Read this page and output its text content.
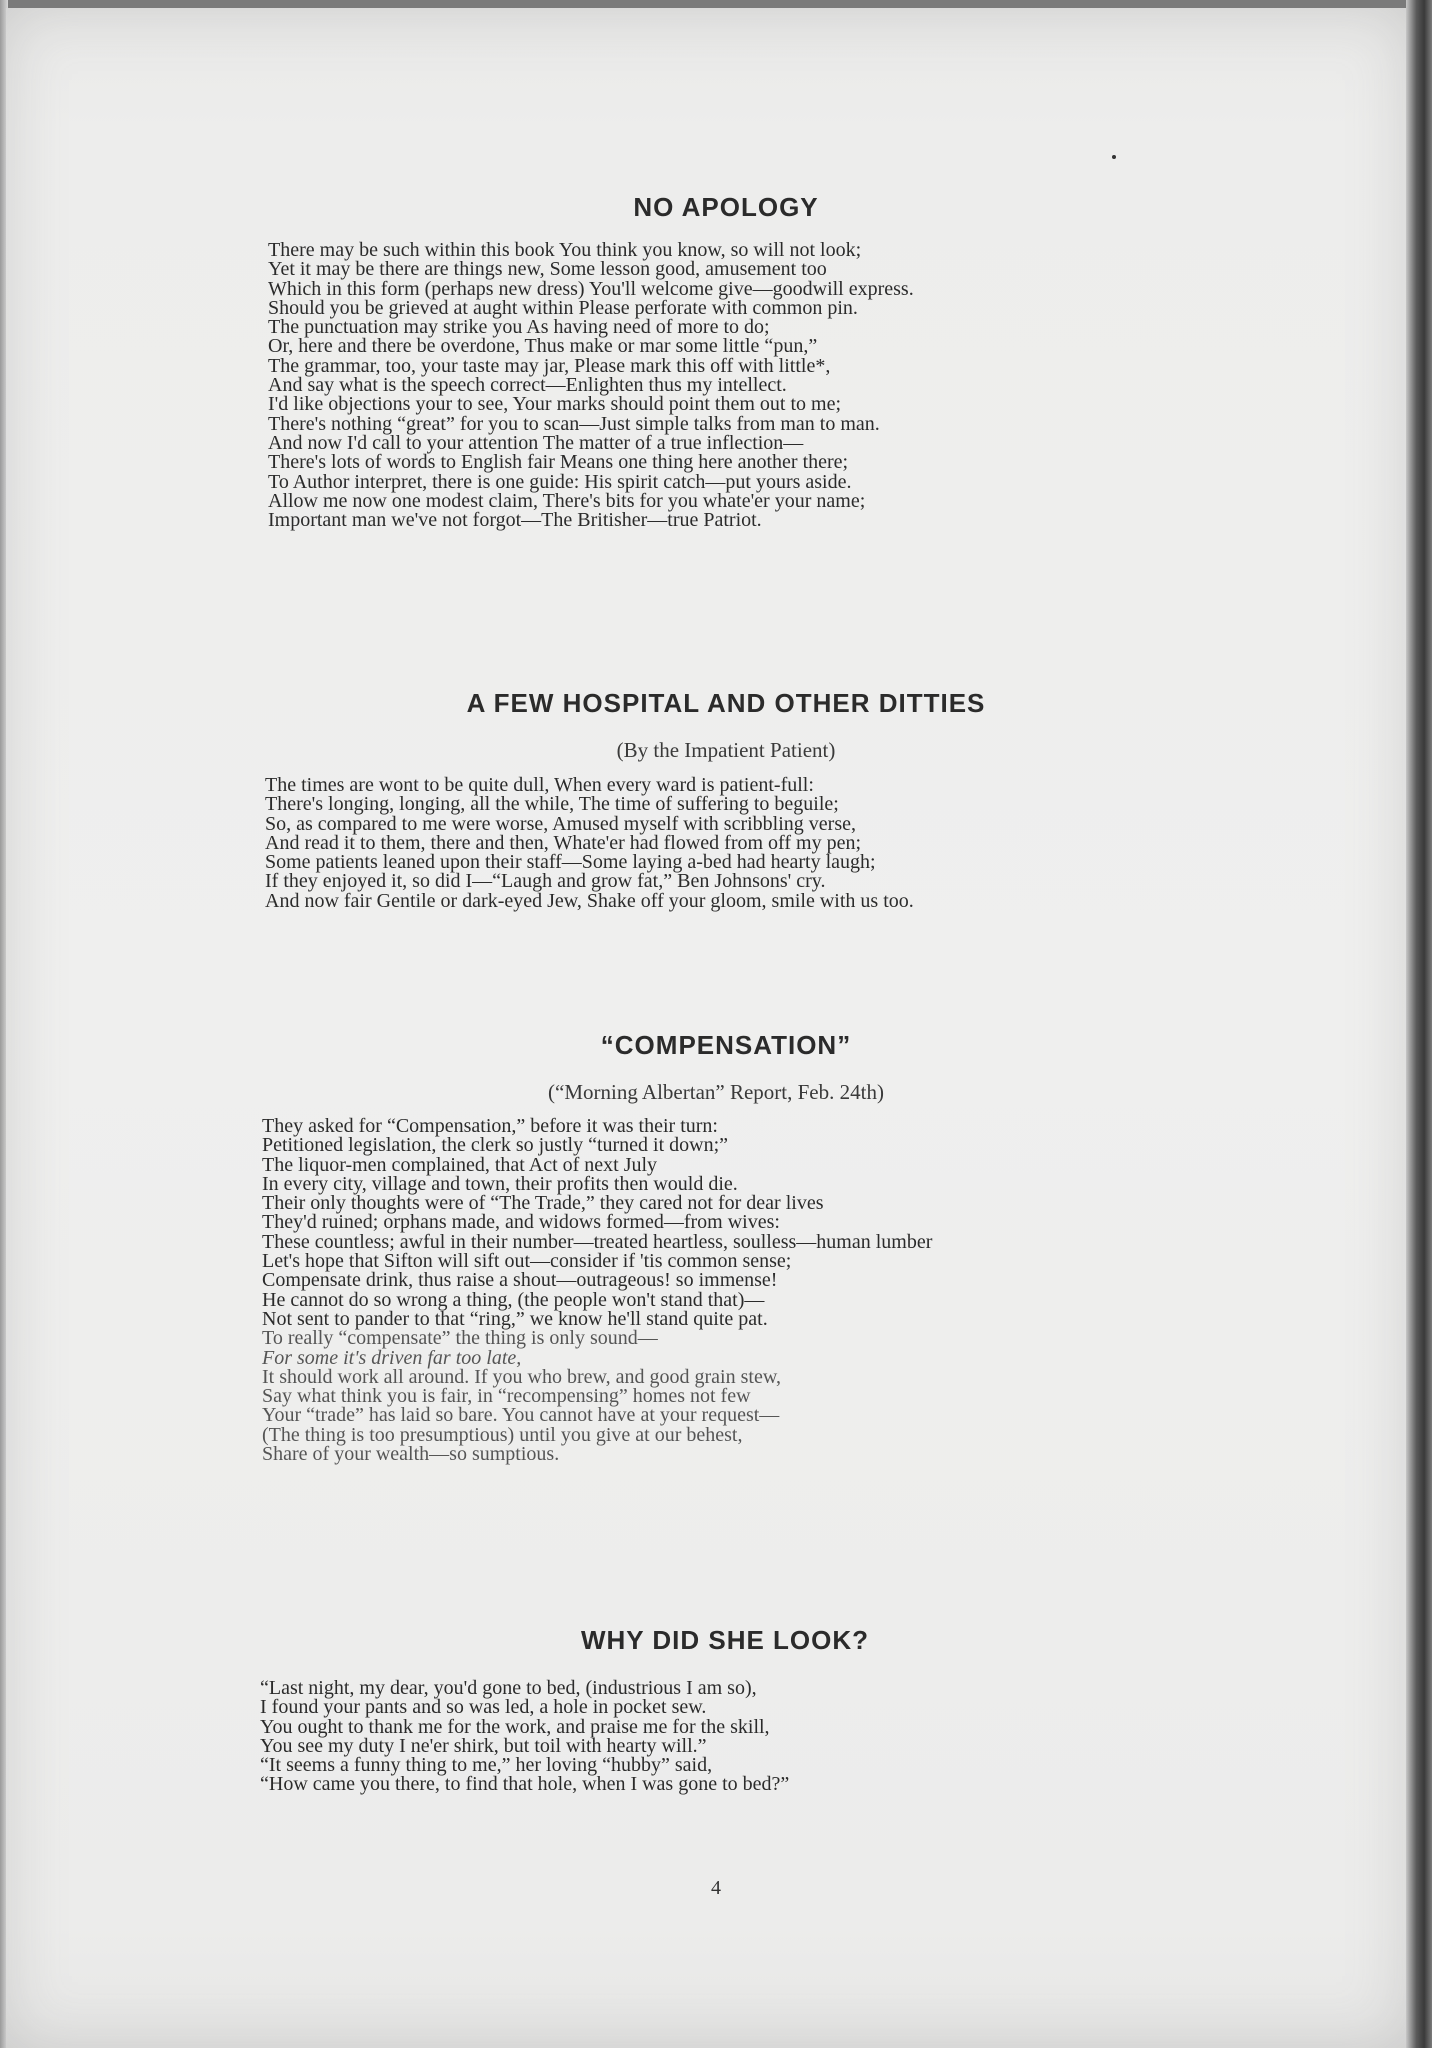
NO APOLOGY
There may be such within this book You think you know, so will not look;
Yet it may be there are things new, Some lesson good, amusement too
Which in this form (perhaps new dress) You'll welcome give—goodwill express.
Should you be grieved at aught within Please perforate with common pin.
The punctuation may strike you As having need of more to do;
Or, here and there be overdone, Thus make or mar some little “pun,”
The grammar, too, your taste may jar, Please mark this off with little*,
And say what is the speech correct—Enlighten thus my intellect.
I'd like objections your to see, Your marks should point them out to me;
There's nothing “great” for you to scan—Just simple talks from man to man.
And now I'd call to your attention The matter of a true inflection—
There's lots of words to English fair Means one thing here another there;
To Author interpret, there is one guide: His spirit catch—put yours aside.
Allow me now one modest claim, There's bits for you whate'er your name;
Important man we've not forgot—The Britisher—true Patriot.
A FEW HOSPITAL AND OTHER DITTIES
(By the Impatient Patient)
The times are wont to be quite dull, When every ward is patient-full:
There's longing, longing, all the while, The time of suffering to beguile;
So, as compared to me were worse, Amused myself with scribbling verse,
And read it to them, there and then, Whate'er had flowed from off my pen;
Some patients leaned upon their staff—Some laying a-bed had hearty laugh;
If they enjoyed it, so did I—“Laugh and grow fat,” Ben Johnsons' cry.
And now fair Gentile or dark-eyed Jew, Shake off your gloom, smile with us too.
“COMPENSATION”
(“Morning Albertan” Report, Feb. 24th)
They asked for “Compensation,” before it was their turn:
Petitioned legislation, the clerk so justly “turned it down;”
The liquor-men complained, that Act of next July
In every city, village and town, their profits then would die.
Their only thoughts were of “The Trade,” they cared not for dear lives
They'd ruined; orphans made, and widows formed—from wives:
These countless; awful in their number—treated heartless, soulless—human lumber
Let's hope that Sifton will sift out—consider if 'tis common sense;
Compensate drink, thus raise a shout—outrageous! so immense!
He cannot do so wrong a thing, (the people won't stand that)—
Not sent to pander to that “ring,” we know he'll stand quite pat.
To really “compensate” the thing is only sound—
For some it's driven far too late,
It should work all around. If you who brew, and good grain stew,
Say what think you is fair, in “recompensing” homes not few
Your “trade” has laid so bare. You cannot have at your request—
(The thing is too presumptious) until you give at our behest,
Share of your wealth—so sumptious.
WHY DID SHE LOOK?
“Last night, my dear, you'd gone to bed, (industrious I am so),
I found your pants and so was led, a hole in pocket sew.
You ought to thank me for the work, and praise me for the skill,
You see my duty I ne'er shirk, but toil with hearty will.”
“It seems a funny thing to me,” her loving “hubby” said,
“How came you there, to find that hole, when I was gone to bed?”
4
